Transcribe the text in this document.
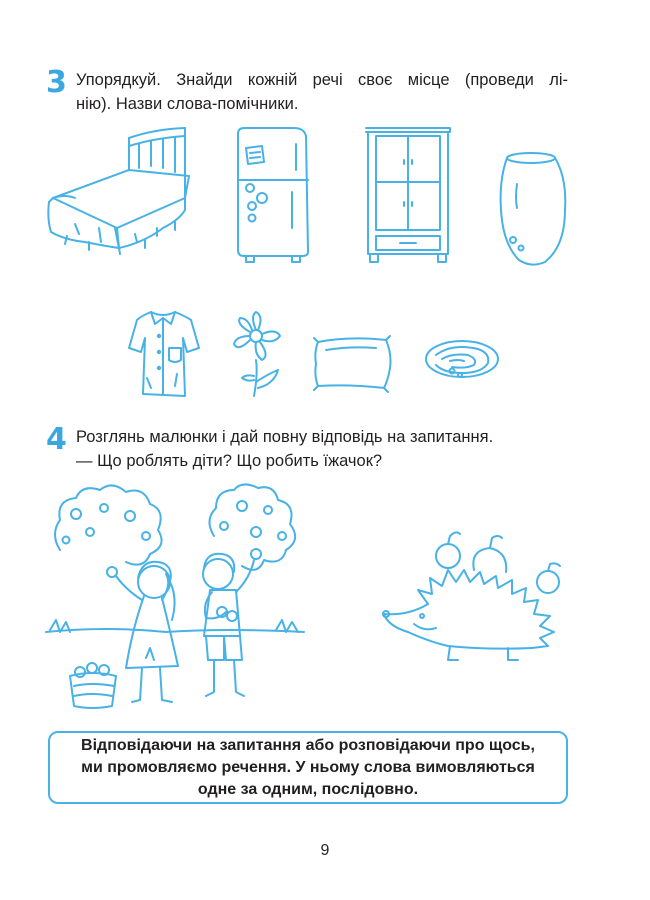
3 Упорядкуй. Знайди кожній речі своє місце (проведи лі-
нію). Назви слова-помічники.
4 Розглянь малюнки і дай повну відповідь на запитання.
— Що роблять діти? Що робить їжачок?
Відповідаючи на запитання або розповідаючи про щось,
ми промовляємо речення. У ньому слова вимовляються
одне за одним, послідовно.
9
